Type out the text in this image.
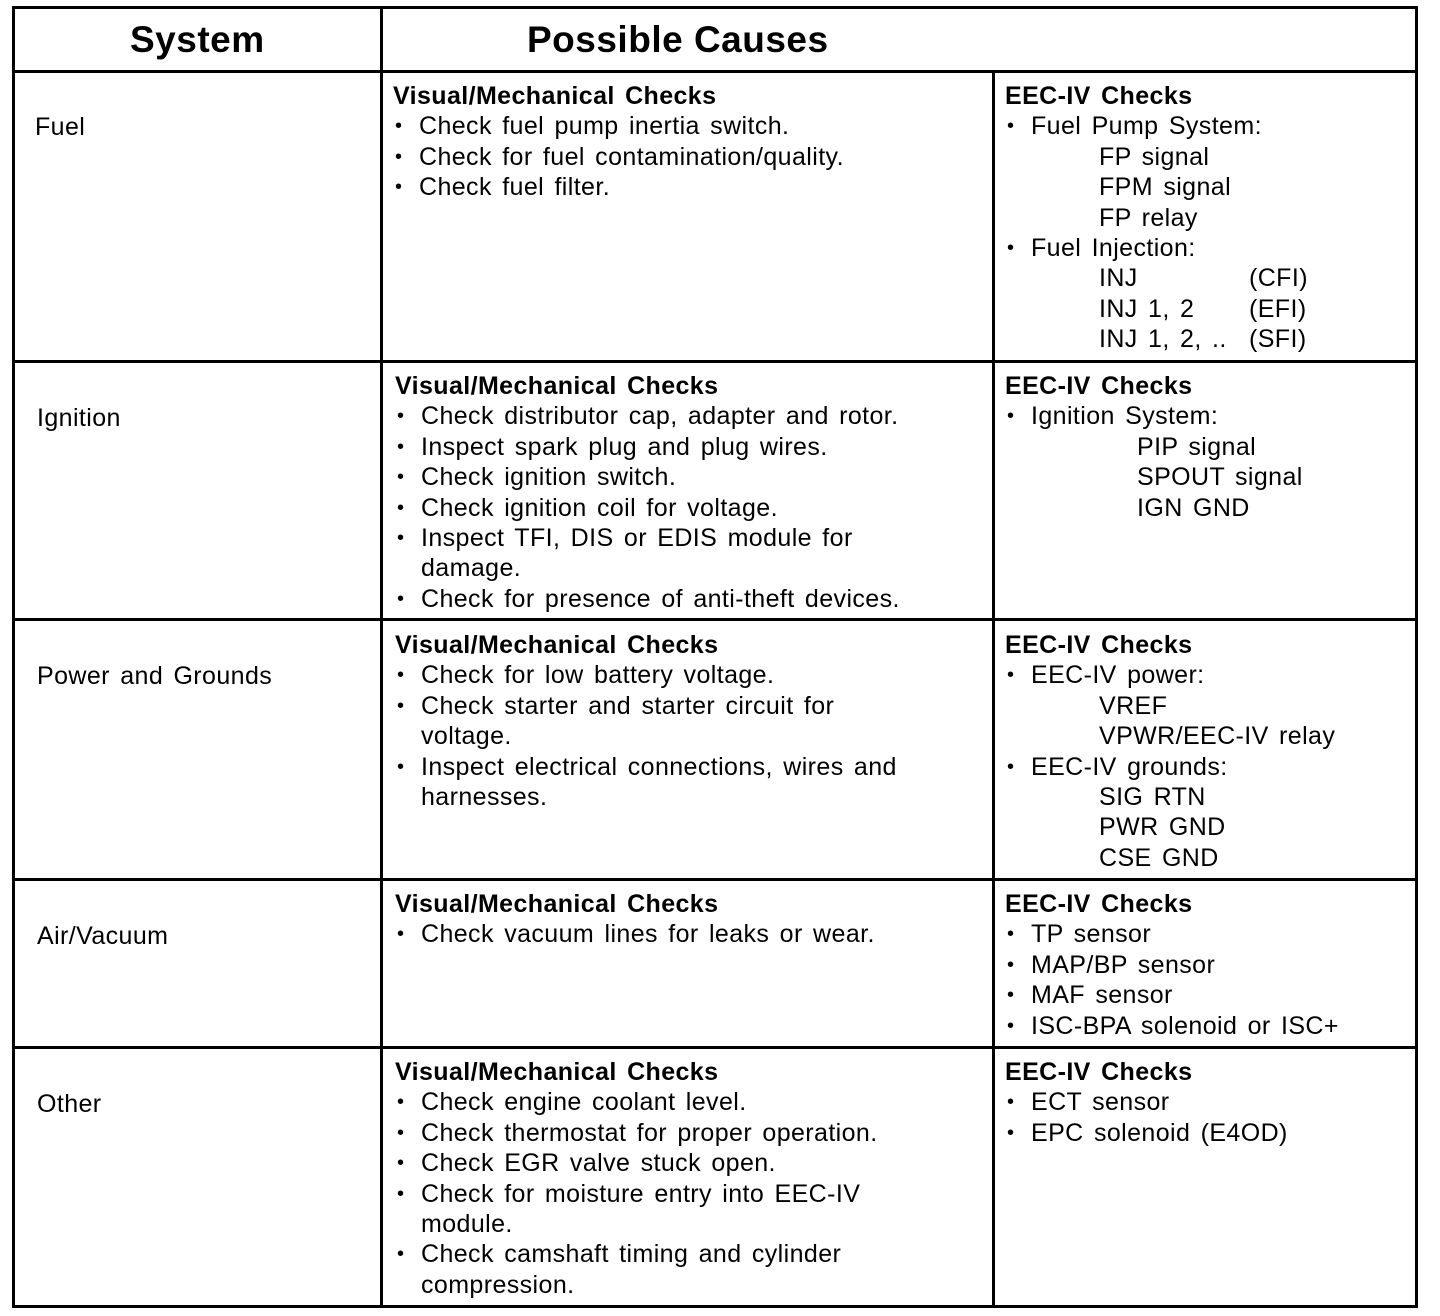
System	Possible Causes
Fuel
Visual/Mechanical Checks
• Check fuel pump inertia switch.
• Check for fuel contamination/quality.
• Check fuel filter.
EEC-IV Checks
• Fuel Pump System:
FP signal
FPM signal
FP relay
• Fuel Injection:
INJ	(CFI)
INJ 1, 2 (EFI)
INJ 1, 2, .. (SFI)
Ignition
Visual/Mechanical Checks
• Check distributor cap, adapter and rotor.
• Inspect spark plug and plug wires.
• Check ignition switch.
• Check ignition coil for voltage.
• Inspect TFI, DIS or EDIS module for
damage.
• Check for presence of anti-theft devices.
EEC-IV Checks
• Ignition System:
PIP signal
SPOUT signal
IGN GND
Power and Grounds
Visual/Mechanical Checks
• Check for low battery voltage.
• Check starter and starter circuit for
voltage.
• Inspect electrical connections, wires and
harnesses.
EEC-IV Checks
• EEC-IV power:
VREF
VPWR/EEC-IV relay
• EEC-IV grounds:
SIG RTN
PWR GND
CSE GND
Air/Vacuum
Visual/Mechanical Checks
• Check vacuum lines for leaks or wear.
EEC-IV Checks
• TP sensor
• MAP/BP sensor
• MAF sensor
• ISC-BPA solenoid or ISC+
Other
Visual/Mechanical Checks
• Check engine coolant level.
• Check thermostat for proper operation.
• Check EGR valve stuck open.
• Check for moisture entry into EEC-IV
module.
• Check camshaft timing and cylinder
compression.
EEC-IV Checks
• ECT sensor
• EPC solenoid (E4OD)
